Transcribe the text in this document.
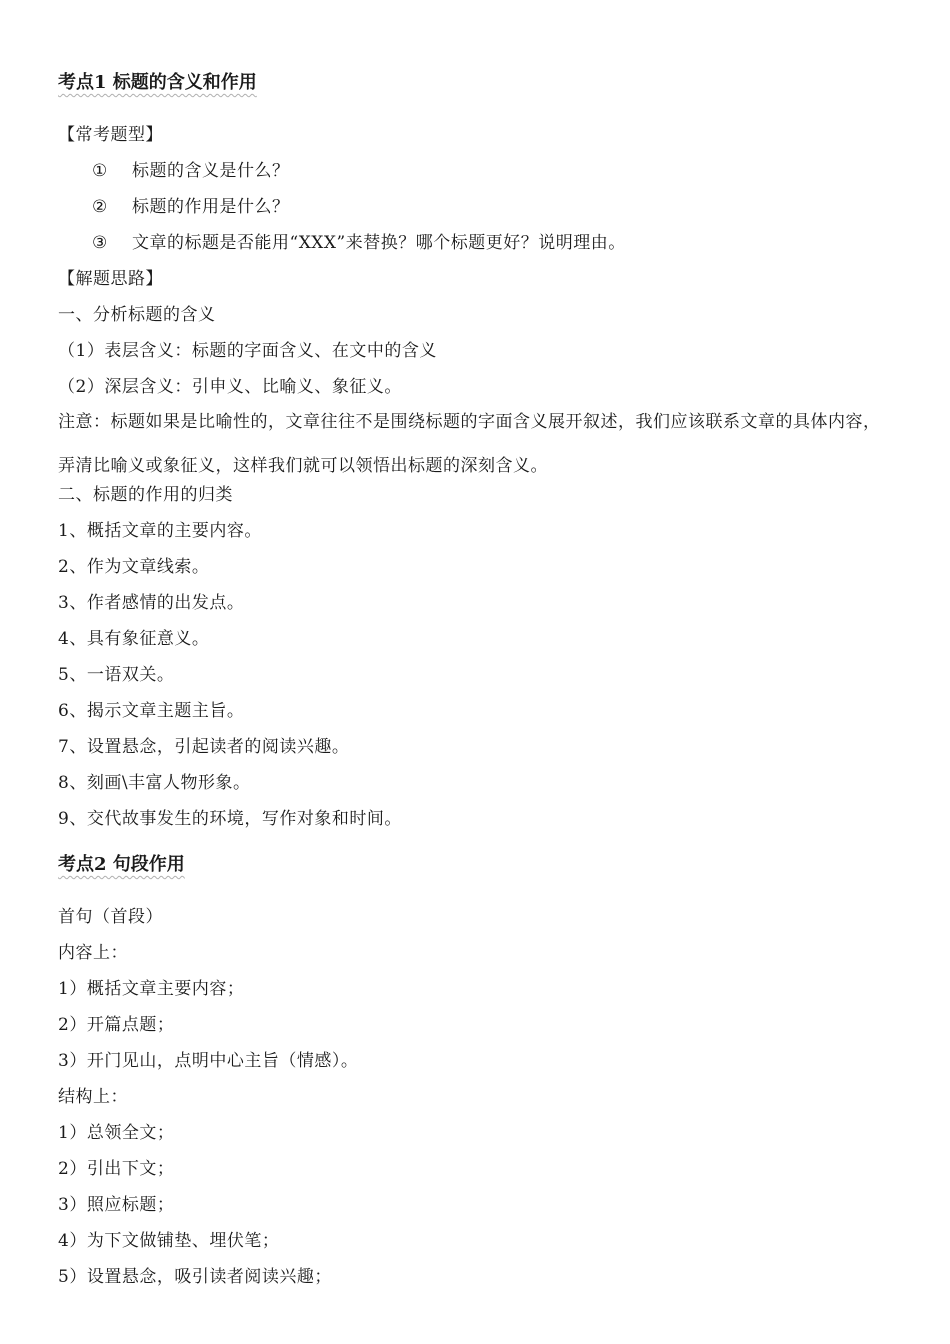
考点1 标题的含义和作用
【常考题型】
① 标题的含义是什么？
② 标题的作用是什么？
③ 文章的标题是否能用“XXX”来替换？哪个标题更好？说明理由。
【解题思路】
一、分析标题的含义
（1）表层含义：标题的字面含义、在文中的含义
（2）深层含义：引申义、比喻义、象征义。
注意：标题如果是比喻性的，文章往往不是围绕标题的字面含义展开叙述，我们应该联系文章的具体内容，弄清比喻义或象征义，这样我们就可以领悟出标题的深刻含义。
二、标题的作用的归类
1、概括文章的主要内容。
2、作为文章线索。
3、作者感情的出发点。
4、具有象征意义。
5、一语双关。
6、揭示文章主题主旨。
7、设置悬念，引起读者的阅读兴趣。
8、刻画\丰富人物形象。
9、交代故事发生的环境，写作对象和时间。
考点2 句段作用
首句（首段）
内容上：
1）概括文章主要内容；
2）开篇点题；
3）开门见山，点明中心主旨（情感）。
结构上：
1）总领全文；
2）引出下文；
3）照应标题；
4）为下文做铺垫、埋伏笔；
5）设置悬念，吸引读者阅读兴趣；
